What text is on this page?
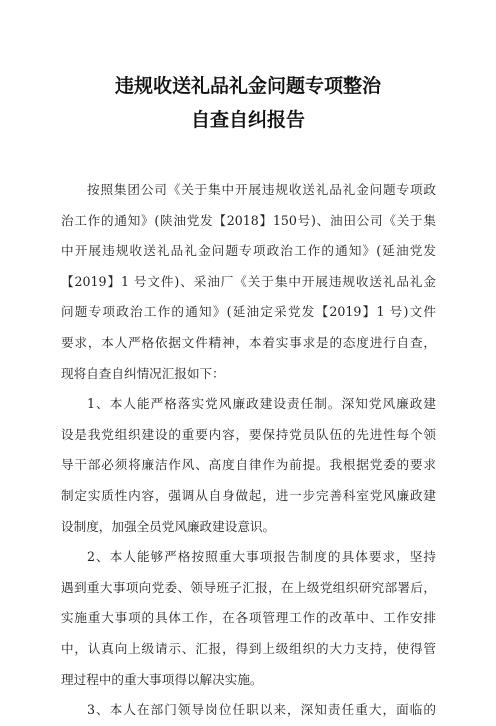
违规收送礼品礼金问题专项整治
自查自纠报告
按照集团公司《关于集中开展违规收送礼品礼金问题专项政
治工作的通知》(陕油党发【2018】150号)、油田公司《关于集
中开展违规收送礼品礼金问题专项政治工作的通知》(延油党发
【2019】1 号文件)、采油厂《关于集中开展违规收送礼品礼金
问题专项政治工作的通知》(延油定采党发【2019】1 号)文件
要求，本人严格依据文件精神，本着实事求是的态度进行自查，
现将自查自纠情况汇报如下：
1、本人能严格落实党风廉政建设责任制。深知党风廉政建
设是我党组织建设的重要内容，要保持党员队伍的先进性每个领
导干部必须将廉洁作风、高度自律作为前提。我根据党委的要求
制定实质性内容，强调从自身做起，进一步完善科室党风廉政建
设制度，加强全员党风廉政建设意识。
2、本人能够严格按照重大事项报告制度的具体要求，坚持
遇到重大事项向党委、领导班子汇报，在上级党组织研究部署后，
实施重大事项的具体工作，在各项管理工作的改革中、工作安排
中，认真向上级请示、汇报，得到上级组织的大力支持，使得管
理过程中的重大事项得以解决实施。
3、本人在部门领导岗位任职以来，深知责任重大，面临的
